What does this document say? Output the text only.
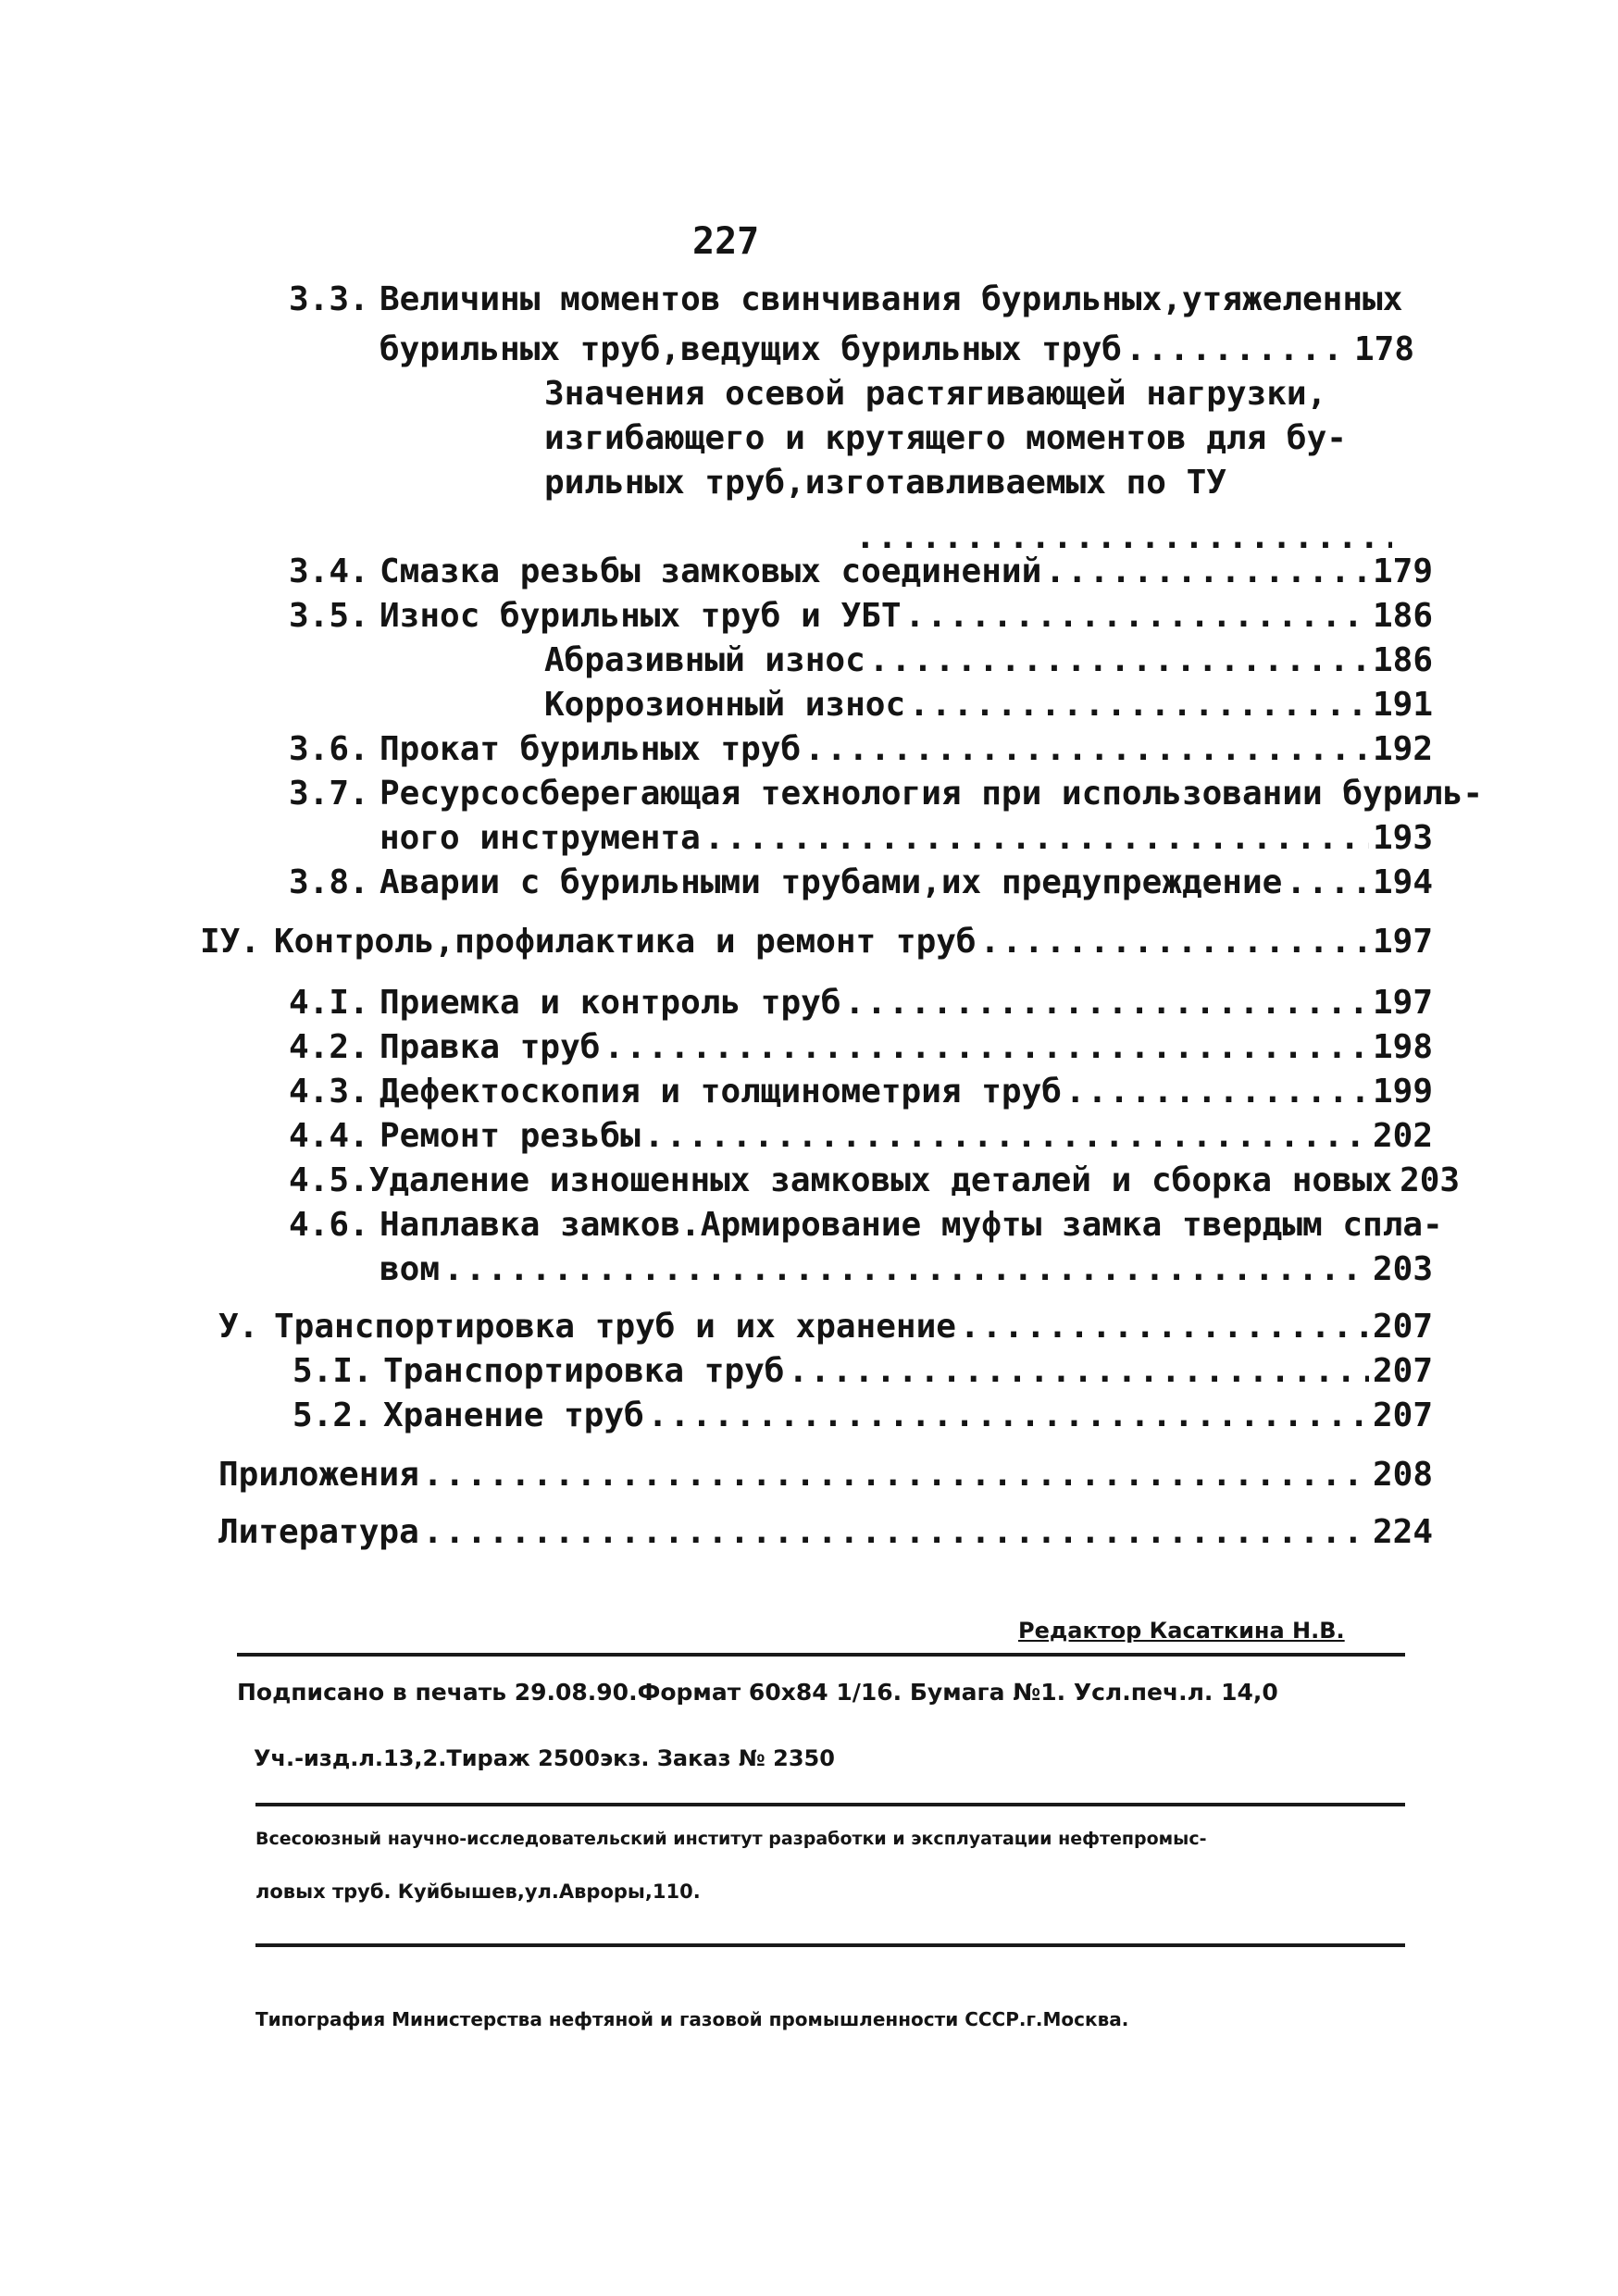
227
3.3. Величины моментов свинчивания бурильных,утяжеленных
бурильных труб,ведущих бурильных труб .....	178
Значения осевой растягивающей нагрузки,
изгибающего и крутящего моментов для бу-
рильных труб,изготавливаемых по ТУ
.....
3.4. Смазка резьбы замковых соединений .....	179
3.5. Износ бурильных труб и УБТ .....	186
Абразивный износ .....	186
Коррозионный износ .....	191
3.6. Прокат бурильных труб .....	192
3.7. Ресурсосберегающая технология при использовании буриль-
ного инструмента .....	193
3.8. Аварии с бурильными трубами,их предупреждение .....	194
IУ. Контроль,профилактика и ремонт труб .....	197
4.I. Приемка и контроль труб .....	197
4.2. Правка труб .....	198
4.3. Дефектоскопия и толщинометрия труб .....	199
4.4. Ремонт резьбы .....	202
4.5. Удаление изношенных замковых деталей и сборка новых 203
4.6. Наплавка замков.Армирование муфты замка твердым спла-
вом .....	203
У. Транспортировка труб и их хранение .....	207
5.I. Транспортировка труб .....	207
5.2. Хранение труб .....	207
Приложения .....	208
Литература .....	224
Редактор Касаткина Н.В.
Подписано в печать 29.08.90.Формат 60x84 1/16. Бумага №1. Усл.печ.л. 14,0
Уч.-изд.л.13,2.Тираж 2500экз. Заказ № 2350
Всесоюзный научно-исследовательский институт разработки и эксплуатации нефтепромыс-
ловых труб. Куйбышев,ул.Авроры,110.
Типография Министерства нефтяной и газовой промышленности СССР.г.Москва.
